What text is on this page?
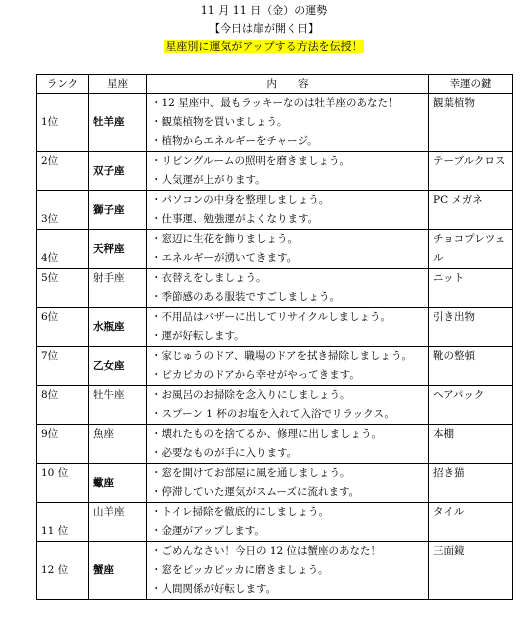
11 月 11 日（金）の運勢
【今日は扉が開く日】
星座別に運気がアップする方法を伝授！
ランク	星座	内　　容	幸運の鍵
1位	牡羊座	・12 星座中、最もラッキーなのは牡羊座のあなた！
・観葉植物を買いましょう。
・植物からエネルギーをチャージ。	観葉植物
2位	双子座	・リビングルームの照明を磨きましょう。
・人気運が上がります。	テーブルクロス
3位	獅子座	・パソコンの中身を整理しましょう。
・仕事運、勉強運がよくなります。	PC メガネ
4位	天秤座	・窓辺に生花を飾りましょう。
・エネルギーが湧いてきます。	チョコプレツェル
5位	射手座	・衣替えをしましょう。
・季節感のある服装ですごしましょう。	ニット
6位	水瓶座	・不用品はバザーに出してリサイクルしましょう。
・運が好転します。	引き出物
7位	乙女座	・家じゅうのドア、職場のドアを拭き掃除しましょう。
・ピカピカのドアから幸せがやってきます。	靴の整頓
8位	牡牛座	・お風呂のお掃除を念入りにしましょう。
・スプーン 1 杯のお塩を入れて入浴でリラックス。	ヘアパック
9位	魚座	・壊れたものを捨てるか、修理に出しましょう。
・必要なものが手に入ります。	本棚
10 位	蠍座	・窓を開けてお部屋に風を通しましょう。
・停滞していた運気がスムーズに流れます。	招き猫
11 位	山羊座	・トイレ掃除を徹底的にしましょう。
・金運がアップします。	タイル
12 位	蟹座	・ごめんなさい！今日の 12 位は蟹座のあなた！
・窓をピッカピッカに磨きましょう。
・人間関係が好転します。	三面鏡
